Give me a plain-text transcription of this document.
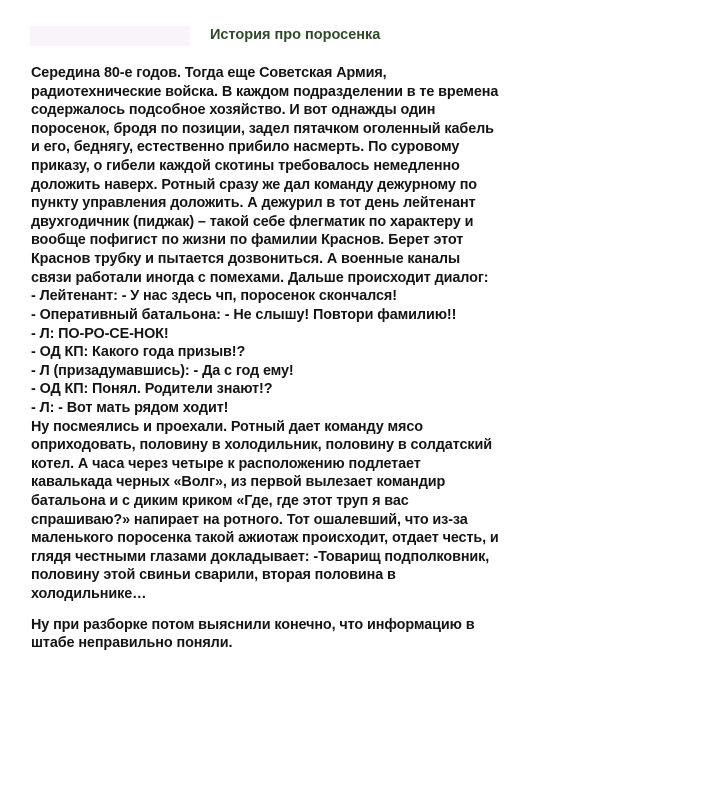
История про поросенка
Середина 80-е годов. Тогда еще Советская Армия,
радиотехнические войска. В каждом подразделении в те времена
содержалось подсобное хозяйство. И вот однажды один
поросенок, бродя по позиции, задел пятачком оголенный кабель
и его, беднягу, естественно прибило насмерть. По суровому
приказу, о гибели каждой скотины требовалось немедленно
доложить наверх. Ротный сразу же дал команду дежурному по
пункту управления доложить. А дежурил в тот день лейтенант
двухгодичник (пиджак) – такой себе флегматик по характеру и
вообще пофигист по жизни по фамилии Краснов. Берет этот
Краснов трубку и пытается дозвониться. А военные каналы
связи работали иногда с помехами. Дальше происходит диалог:
- Лейтенант: - У нас здесь чп, поросенок скончался!
- Оперативный батальона: - Не слышу! Повтори фамилию!!
- Л: ПО-РО-СЕ-НОК!
- ОД КП: Какого года призыв!?
- Л (призадумавшись): - Да с год ему!
- ОД КП: Понял. Родители знают!?
- Л: - Вот мать рядом ходит!
Ну посмеялись и проехали. Ротный дает команду мясо
оприходовать, половину в холодильник, половину в солдатский
котел. А часа через четыре к расположению подлетает
кавалькада черных «Волг», из первой вылезает командир
батальона и с диким криком «Где, где этот труп я вас
спрашиваю?» напирает на ротного. Тот ошалевший, что из-за
маленького поросенка такой ажиотаж происходит, отдает честь, и
глядя честными глазами докладывает: -Товарищ подполковник,
половину этой свиньи сварили, вторая половина в
холодильнике…
Ну при разборке потом выяснили конечно, что информацию в
штабе неправильно поняли.
